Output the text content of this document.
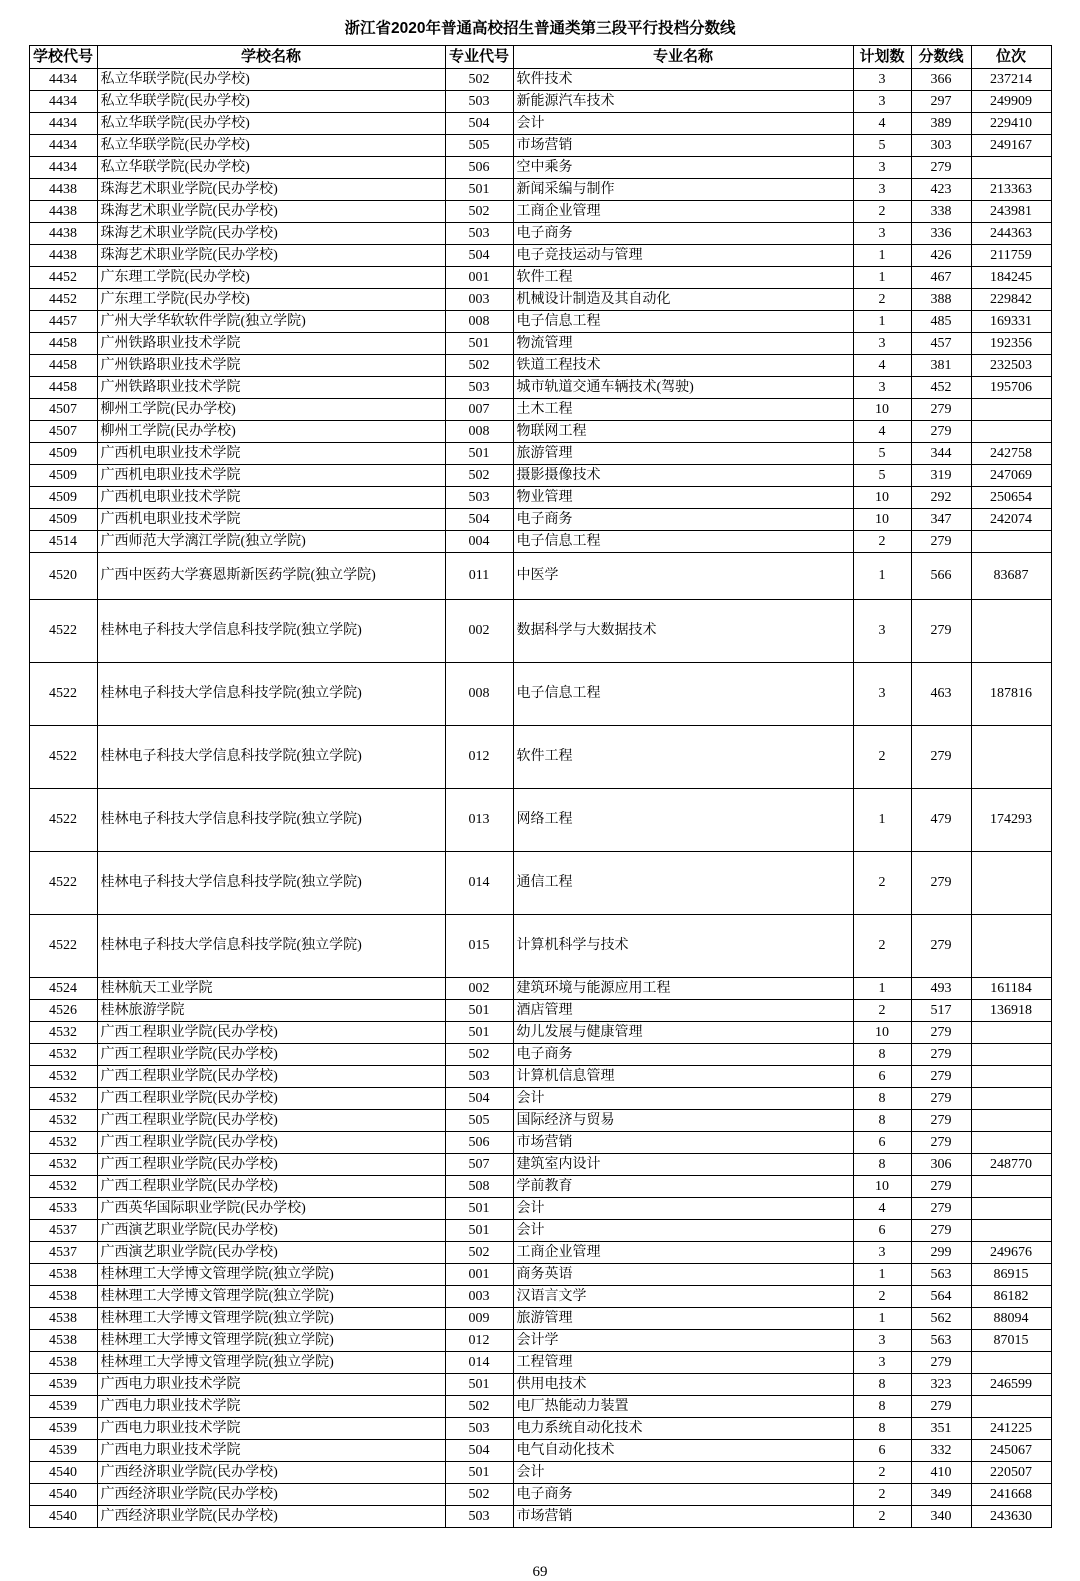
浙江省2020年普通高校招生普通类第三段平行投档分数线
学校代号	学校名称	专业代号	专业名称	计划数	分数线	位次
4434	私立华联学院(民办学校)	502	软件技术	3	366	237214
4434	私立华联学院(民办学校)	503	新能源汽车技术	3	297	249909
4434	私立华联学院(民办学校)	504	会计	4	389	229410
4434	私立华联学院(民办学校)	505	市场营销	5	303	249167
4434	私立华联学院(民办学校)	506	空中乘务	3	279	
4438	珠海艺术职业学院(民办学校)	501	新闻采编与制作	3	423	213363
4438	珠海艺术职业学院(民办学校)	502	工商企业管理	2	338	243981
4438	珠海艺术职业学院(民办学校)	503	电子商务	3	336	244363
4438	珠海艺术职业学院(民办学校)	504	电子竞技运动与管理	1	426	211759
4452	广东理工学院(民办学校)	001	软件工程	1	467	184245
4452	广东理工学院(民办学校)	003	机械设计制造及其自动化	2	388	229842
4457	广州大学华软软件学院(独立学院)	008	电子信息工程	1	485	169331
4458	广州铁路职业技术学院	501	物流管理	3	457	192356
4458	广州铁路职业技术学院	502	铁道工程技术	4	381	232503
4458	广州铁路职业技术学院	503	城市轨道交通车辆技术(驾驶)	3	452	195706
4507	柳州工学院(民办学校)	007	土木工程	10	279	
4507	柳州工学院(民办学校)	008	物联网工程	4	279	
4509	广西机电职业技术学院	501	旅游管理	5	344	242758
4509	广西机电职业技术学院	502	摄影摄像技术	5	319	247069
4509	广西机电职业技术学院	503	物业管理	10	292	250654
4509	广西机电职业技术学院	504	电子商务	10	347	242074
4514	广西师范大学漓江学院(独立学院)	004	电子信息工程	2	279	
4520	广西中医药大学赛恩斯新医药学院(独立学院)	011	中医学	1	566	83687
4522	桂林电子科技大学信息科技学院(独立学院)	002	数据科学与大数据技术	3	279	
4522	桂林电子科技大学信息科技学院(独立学院)	008	电子信息工程	3	463	187816
4522	桂林电子科技大学信息科技学院(独立学院)	012	软件工程	2	279	
4522	桂林电子科技大学信息科技学院(独立学院)	013	网络工程	1	479	174293
4522	桂林电子科技大学信息科技学院(独立学院)	014	通信工程	2	279	
4522	桂林电子科技大学信息科技学院(独立学院)	015	计算机科学与技术	2	279	
4524	桂林航天工业学院	002	建筑环境与能源应用工程	1	493	161184
4526	桂林旅游学院	501	酒店管理	2	517	136918
4532	广西工程职业学院(民办学校)	501	幼儿发展与健康管理	10	279	
4532	广西工程职业学院(民办学校)	502	电子商务	8	279	
4532	广西工程职业学院(民办学校)	503	计算机信息管理	6	279	
4532	广西工程职业学院(民办学校)	504	会计	8	279	
4532	广西工程职业学院(民办学校)	505	国际经济与贸易	8	279	
4532	广西工程职业学院(民办学校)	506	市场营销	6	279	
4532	广西工程职业学院(民办学校)	507	建筑室内设计	8	306	248770
4532	广西工程职业学院(民办学校)	508	学前教育	10	279	
4533	广西英华国际职业学院(民办学校)	501	会计	4	279	
4537	广西演艺职业学院(民办学校)	501	会计	6	279	
4537	广西演艺职业学院(民办学校)	502	工商企业管理	3	299	249676
4538	桂林理工大学博文管理学院(独立学院)	001	商务英语	1	563	86915
4538	桂林理工大学博文管理学院(独立学院)	003	汉语言文学	2	564	86182
4538	桂林理工大学博文管理学院(独立学院)	009	旅游管理	1	562	88094
4538	桂林理工大学博文管理学院(独立学院)	012	会计学	3	563	87015
4538	桂林理工大学博文管理学院(独立学院)	014	工程管理	3	279	
4539	广西电力职业技术学院	501	供用电技术	8	323	246599
4539	广西电力职业技术学院	502	电厂热能动力装置	8	279	
4539	广西电力职业技术学院	503	电力系统自动化技术	8	351	241225
4539	广西电力职业技术学院	504	电气自动化技术	6	332	245067
4540	广西经济职业学院(民办学校)	501	会计	2	410	220507
4540	广西经济职业学院(民办学校)	502	电子商务	2	349	241668
4540	广西经济职业学院(民办学校)	503	市场营销	2	340	243630
69
